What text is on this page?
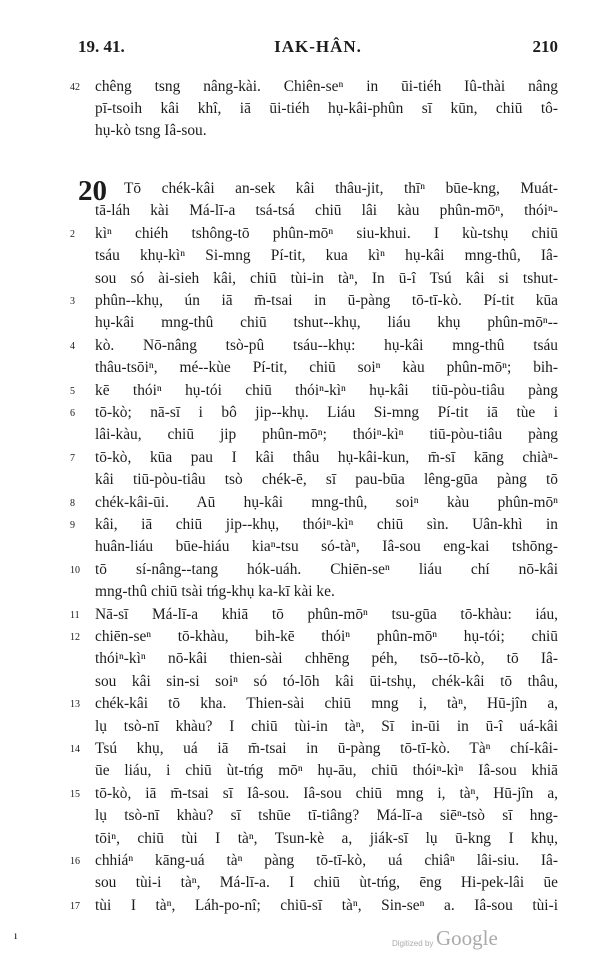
19. 41.	IAK-HÂN.	210
20
chêng tsng nâng-kài. Chiên-seⁿ in ūi-tiéh Iû-thài nâng
42
pī-tsoih kâi khî, iā ūi-tiéh hụ-kâi-phûn sī kūn, chiū tô-
hụ-kò tsng Iâ-sou.
Tō chék-kâi an-sek kâi thâu-jit, thīⁿ būe-kng, Muát-
tā-láh kài Má-lī-a tsá-tsá chiū lâi kàu phûn-mōⁿ, thóiⁿ-
kìⁿ chiéh tshông-tō phûn-mōⁿ siu-khui. I kù-tshụ chiū
2
tsáu khụ-kìⁿ Si-mng Pí-tit, kua kìⁿ hụ-kâi mng-thû, Iâ-
sou só ài-sieh kâi, chiū tùi-in tàⁿ, In ū-î Tsú kâi si tshut-
phûn--khụ, ún iā m̄-tsai in ū-pàng tō-tī-kò. Pí-tit kūa
3
hụ-kâi mng-thû chiū tshut--khụ, liáu khụ phûn-mōⁿ--
kò. Nō-nâng tsò-pû tsáu--khụ: hụ-kâi mng-thû tsáu
4
thâu-tsōiⁿ, mé--kùe Pí-tit, chiū soiⁿ kàu phûn-mōⁿ; bih-
kē thóiⁿ hụ-tói chiū thóiⁿ-kìⁿ hụ-kâi tiū-pòu-tiâu pàng
5
tō-kò; nā-sī i bô jip--khụ. Liáu Si-mng Pí-tit iā tùe i
6
lâi-kàu, chiū jip phûn-mōⁿ; thóiⁿ-kìⁿ tiū-pòu-tiâu pàng
tō-kò, kūa pau I kâi thâu hụ-kâi-kun, m̄-sī kāng chiàⁿ-
7
kâi tiū-pòu-tiâu tsò chék-ē, sī pau-būa lêng-gūa pàng tō
chék-kâi-ūi. Aū hụ-kâi mng-thû, soiⁿ kàu phûn-mōⁿ
8
kâi, iā chiū jip--khụ, thóiⁿ-kìⁿ chiū sìn. Uân-khì in
9
huân-liáu būe-hiáu kiaⁿ-tsu só-tàⁿ, Iâ-sou eng-kai tshōng-
tō sí-nâng--tang hók-uáh. Chiēn-seⁿ liáu chí nō-kâi
10
mng-thû chiū tsài tńg-khụ ka-kī kài ke.
Nā-sī Má-lī-a khiā tō phûn-mōⁿ tsu-gūa tō-khàu: iáu,
11
chiēn-seⁿ tō-khàu, bih-kē thóiⁿ phûn-mōⁿ hụ-tói; chiū
12
thóiⁿ-kìⁿ nō-kâi thien-sài chhēng péh, tsō--tō-kò, tō Iâ-
sou kâi sin-si soiⁿ só tó-lōh kâi ūi-tshụ, chék-kâi tō thâu,
chék-kâi tō kha. Thien-sài chiū mng i, tàⁿ, Hū-jîn a,
13
lụ tsò-nī khàu? I chiū tùi-in tàⁿ, Sī in-ūi in ū-î uá-kâi
Tsú khụ, uá iā m̄-tsai in ū-pàng tō-tī-kò. Tàⁿ chí-kâi-
14
ūe liáu, i chiū ùt-tńg mōⁿ hụ-āu, chiū thóiⁿ-kìⁿ Iâ-sou khiā
tō-kò, iā m̄-tsai sī Iâ-sou. Iâ-sou chiū mng i, tàⁿ, Hū-jîn a,
15
lụ tsò-nī khàu? sī tshūe tī-tiâng? Má-lī-a siēⁿ-tsò sī hng-
tōiⁿ, chiū tùi I tàⁿ, Tsun-kè a, jiák-sī lụ ū-kng I khụ,
chhiáⁿ kāng-uá tàⁿ pàng tō-tī-kò, uá chiâⁿ lâi-siu. Iâ-
16
sou tùi-i tàⁿ, Má-lī-a. I chiū ùt-tńg, ēng Hi-pek-lâi ūe
tùi I tàⁿ, Láh-po-nî; chiū-sī tàⁿ, Sin-seⁿ a. Iâ-sou tùi-i
17
ı
Digitized by Google
